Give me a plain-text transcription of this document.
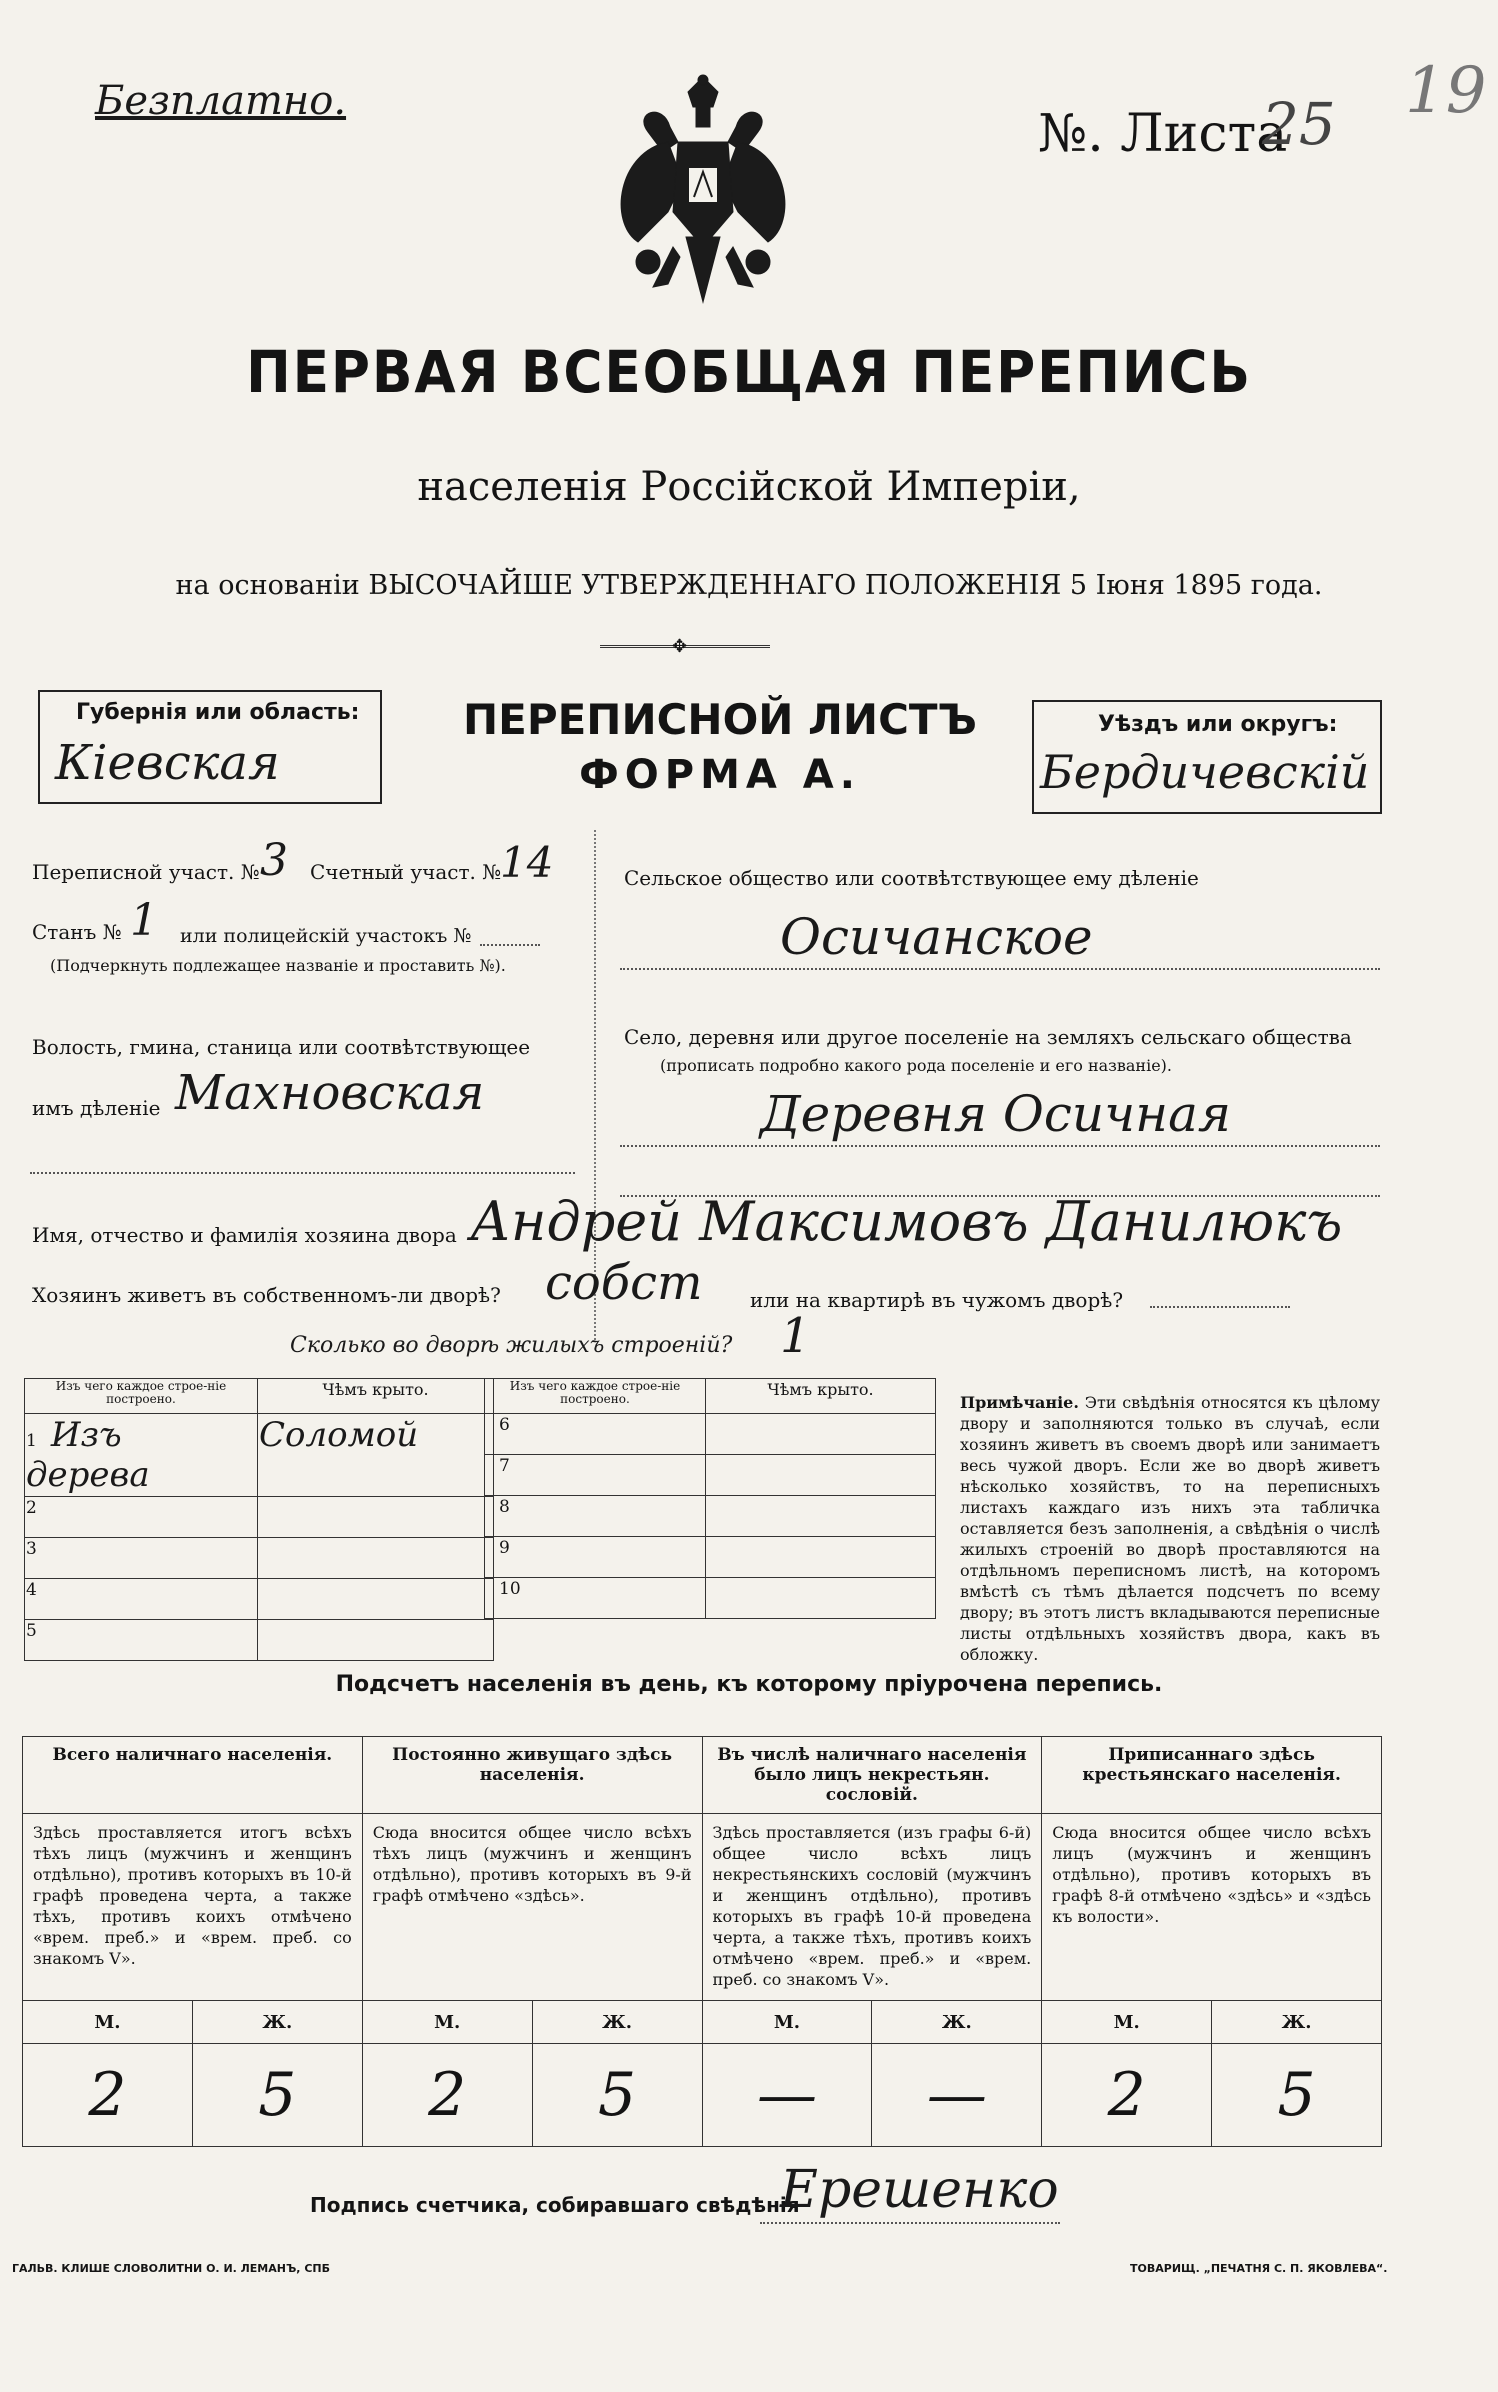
Безплатно.
№. Листа
25 19
ПЕРВАЯ ВСЕОБЩАЯ ПЕРЕПИСЬ
населенія Россійской Имперіи,
на основаніи ВЫСОЧАЙШЕ УТВЕРЖДЕННАГО ПОЛОЖЕНІЯ 5 Іюня 1895 года.
✥
Губернія или область:
Кіевская
ПЕРЕПИСНОЙ ЛИСТЪ
ФОРМА А.
Уѣздъ или округъ:
Бердичевскій
Переписной участ. № 3 Счетный участ. №
14
Станъ № 1 или полицейскій участокъ №
(Подчеркнуть подлежащее названіе и проставить №).
Волость, гмина, станица или соотвѣтствующее
имъ дѣленіе Махновская
Сельское общество или соотвѣтствующее ему дѣленіе
Осичанское
Село, деревня или другое поселеніе на земляхъ сельскаго общества
(прописать подробно какого рода поселеніе и его названіе).
Деревня Осичная
Имя, отчество и фамилія хозяина двора Андрей Максимовъ Данилюкъ
Хозяинъ живетъ въ собственномъ-ли дворѣ? собст или на квартирѣ въ чужомъ дворѣ?
Сколько во дворѣ жилыхъ строеній? 1
Изъ чего каждое строе-ніе построено.	Чѣмъ крыто.
1 Изъ дерева	Соломой
2	
3	
4	
5	
Изъ чего каждое строе-ніе построено.	Чѣмъ крыто.
6	
7	
8	
9	
10	
Примѣчаніе. Эти свѣдѣнія относятся къ цѣлому двору и заполняются только въ случаѣ, если хозяинъ живетъ въ своемъ дворѣ или занимаетъ весь чужой дворъ. Если же во дворѣ живетъ нѣсколько хозяйствъ, то на переписныхъ листахъ каждаго изъ нихъ эта табличка оставляется безъ заполненія, а свѣдѣнія о числѣ жилыхъ строеній во дворѣ проставляются на отдѣльномъ переписномъ листѣ, на которомъ вмѣстѣ съ тѣмъ дѣлается подсчетъ по всему двору; въ этотъ листъ вкладываются переписные листы отдѣльныхъ хозяйствъ двора, какъ въ обложку.
Подсчетъ населенія въ день, къ которому пріурочена перепись.
Всего наличнаго населенія.		Постоянно живущаго здѣсь населенія.		Въ числѣ наличнаго населенія было лицъ некрестьян. сословій.		Приписаннаго здѣсь крестьянскаго населенія.	
Здѣсь проставляется итогъ всѣхъ тѣхъ лицъ (мужчинъ и женщинъ отдѣльно), противъ которыхъ въ 10-й графѣ проведена черта, а также тѣхъ, противъ коихъ отмѣчено «врем. преб.» и «врем. преб. со знакомъ V».		Сюда вносится общее число всѣхъ тѣхъ лицъ (мужчинъ и женщинъ отдѣльно), противъ которыхъ въ 9-й графѣ отмѣчено «здѣсь».		Здѣсь проставляется (изъ графы 6-й) общее число всѣхъ лицъ некрестьянскихъ сословій (мужчинъ и женщинъ отдѣльно), противъ которыхъ въ графѣ 10-й проведена черта, а также тѣхъ, противъ коихъ отмѣчено «врем. преб.» и «врем. преб. со знакомъ V».		Сюда вносится общее число всѣхъ лицъ (мужчинъ и женщинъ отдѣльно), противъ которыхъ въ графѣ 8-й отмѣчено «здѣсь» и «здѣсь къ волости».	
М.	Ж.	М.	Ж.	М.	Ж.	М.	Ж.
2	5	2	5	—	—	2	5
Подпись счетчика, собиравшаго свѣдѣнія
Ерешенко
ГАЛЬВ. КЛИШЕ СЛОВОЛИТНИ О. И. ЛЕМАНЪ, СПБ	ТОВАРИЩ. „ПЕЧАТНЯ С. П. ЯКОВЛЕВА“.
